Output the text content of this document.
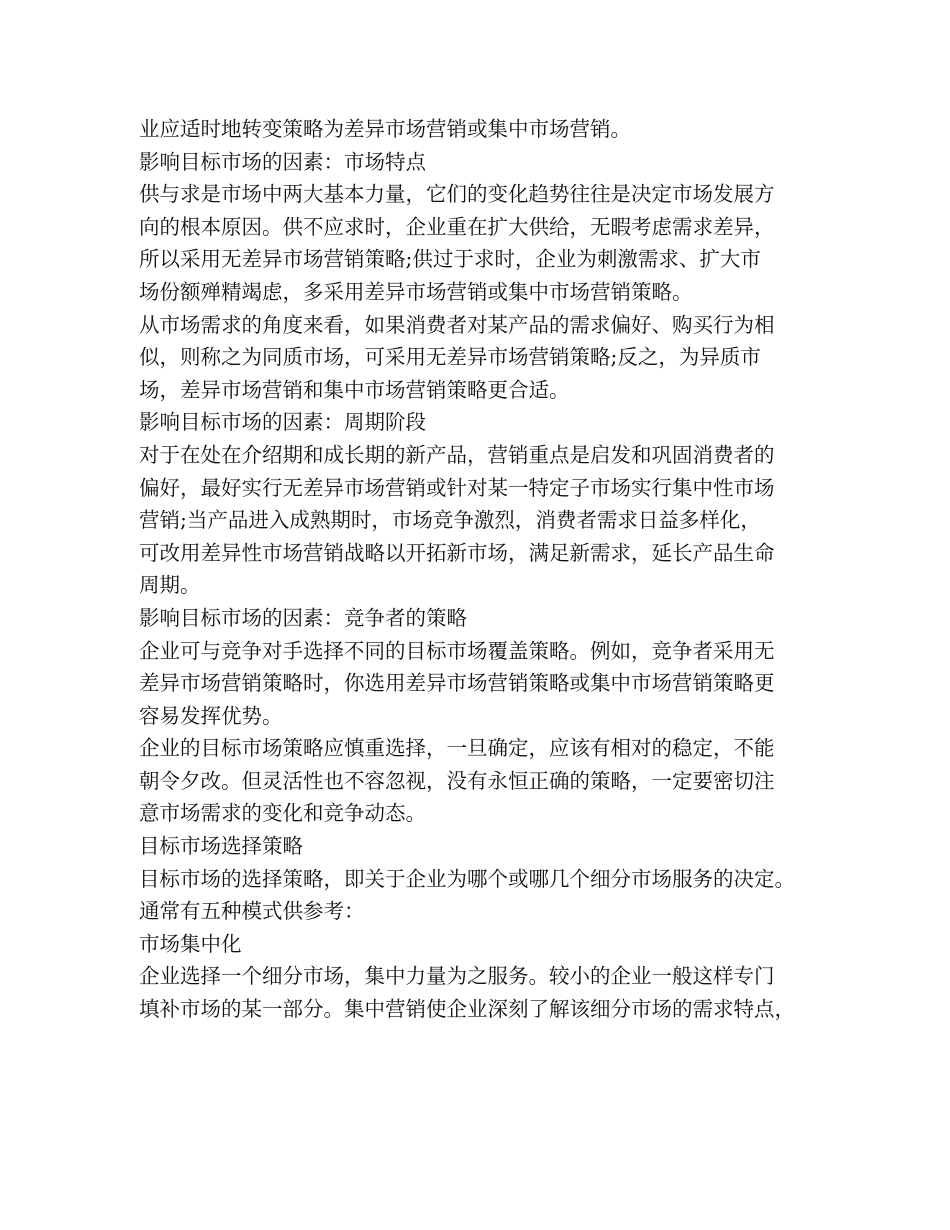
业应适时地转变策略为差异市场营销或集中市场营销。
影响目标市场的因素：市场特点
供与求是市场中两大基本力量，它们的变化趋势往往是决定市场发展方
向的根本原因。供不应求时，企业重在扩大供给，无暇考虑需求差异，
所以采用无差异市场营销策略;供过于求时，企业为刺激需求、扩大市
场份额殚精竭虑，多采用差异市场营销或集中市场营销策略。
从市场需求的角度来看，如果消费者对某产品的需求偏好、购买行为相
似，则称之为同质市场，可采用无差异市场营销策略;反之，为异质市
场，差异市场营销和集中市场营销策略更合适。
影响目标市场的因素：周期阶段
对于在处在介绍期和成长期的新产品，营销重点是启发和巩固消费者的
偏好，最好实行无差异市场营销或针对某一特定子市场实行集中性市场
营销;当产品进入成熟期时，市场竞争激烈，消费者需求日益多样化，
可改用差异性市场营销战略以开拓新市场，满足新需求，延长产品生命
周期。
影响目标市场的因素：竞争者的策略
企业可与竞争对手选择不同的目标市场覆盖策略。例如，竞争者采用无
差异市场营销策略时，你选用差异市场营销策略或集中市场营销策略更
容易发挥优势。
企业的目标市场策略应慎重选择，一旦确定，应该有相对的稳定，不能
朝令夕改。但灵活性也不容忽视，没有永恒正确的策略，一定要密切注
意市场需求的变化和竞争动态。
目标市场选择策略
目标市场的选择策略，即关于企业为哪个或哪几个细分市场服务的决定。
通常有五种模式供参考：
市场集中化
企业选择一个细分市场，集中力量为之服务。较小的企业一般这样专门
填补市场的某一部分。集中营销使企业深刻了解该细分市场的需求特点，
